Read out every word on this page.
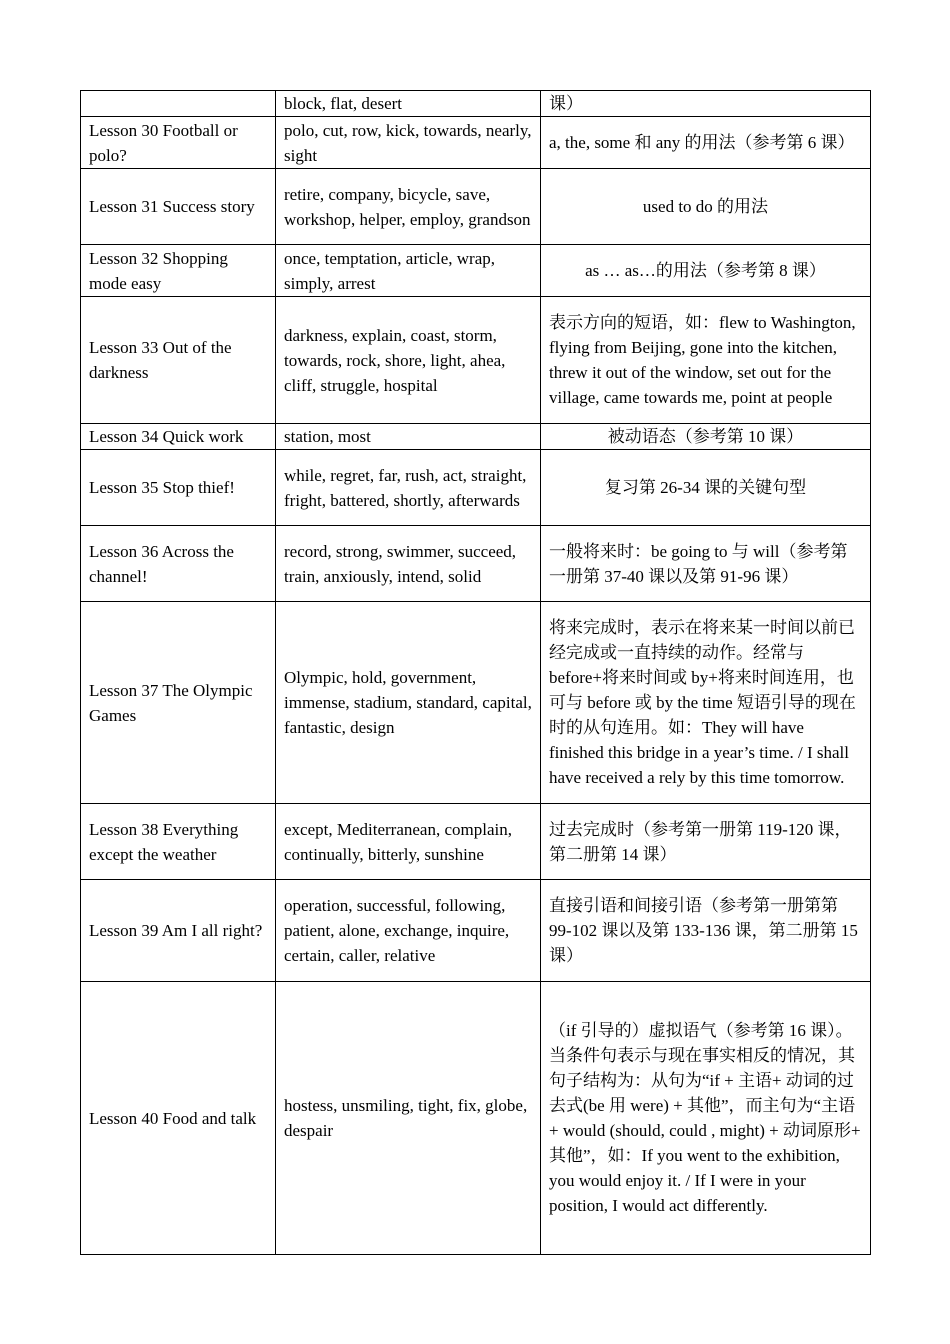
	block, flat, desert	课）
Lesson 30 Football or polo?	polo, cut, row, kick, towards, nearly, sight	a, the, some 和 any 的用法（参考第 6 课）
Lesson 31 Success story	retire, company, bicycle, save, workshop, helper, employ, grandson	used to do 的用法
Lesson 32 Shopping mode easy	once, temptation, article, wrap, simply, arrest	as … as…的用法（参考第 8 课）
Lesson 33 Out of the darkness	darkness, explain, coast, storm, towards, rock, shore, light, ahea, cliff, struggle, hospital	表示方向的短语，如：flew to Washington, flying from Beijing, gone into the kitchen, threw it out of the window, set out for the village, came towards me, point at people
Lesson 34 Quick work	station, most	被动语态（参考第 10 课）
Lesson 35 Stop thief!	while, regret, far, rush, act, straight, fright, battered, shortly, afterwards	复习第 26-34 课的关键句型
Lesson 36 Across the channel!	record, strong, swimmer, succeed, train, anxiously, intend, solid	一般将来时：be going to 与 will（参考第一册第 37-40 课以及第 91-96 课）
Lesson 37 The Olympic Games	Olympic, hold, government, immense, stadium, standard, capital, fantastic, design	将来完成时，表示在将来某一时间以前已经完成或一直持续的动作。经常与 before+将来时间或 by+将来时间连用，也可与 before 或 by the time 短语引导的现在时的从句连用。如：They will have finished this bridge in a year’s time. / I shall have received a rely by this time tomorrow.
Lesson 38 Everything except the weather	except, Mediterranean, complain, continually, bitterly, sunshine	过去完成时（参考第一册第 119-120 课，第二册第 14 课）
Lesson 39 Am I all right?	operation, successful, following, patient, alone, exchange, inquire, certain, caller, relative	直接引语和间接引语（参考第一册第第 99-102 课以及第 133-136 课，第二册第 15 课）
Lesson 40 Food and talk	hostess, unsmiling, tight, fix, globe, despair	（if 引导的）虚拟语气（参考第 16 课）。当条件句表示与现在事实相反的情况，其句子结构为：从句为“if + 主语+ 动词的过去式(be 用 were) + 其他”，而主句为“主语+ would (should, could , might) + 动词原形+ 其他”，如：If you went to the exhibition, you would enjoy it. / If I were in your position, I would act differently.
